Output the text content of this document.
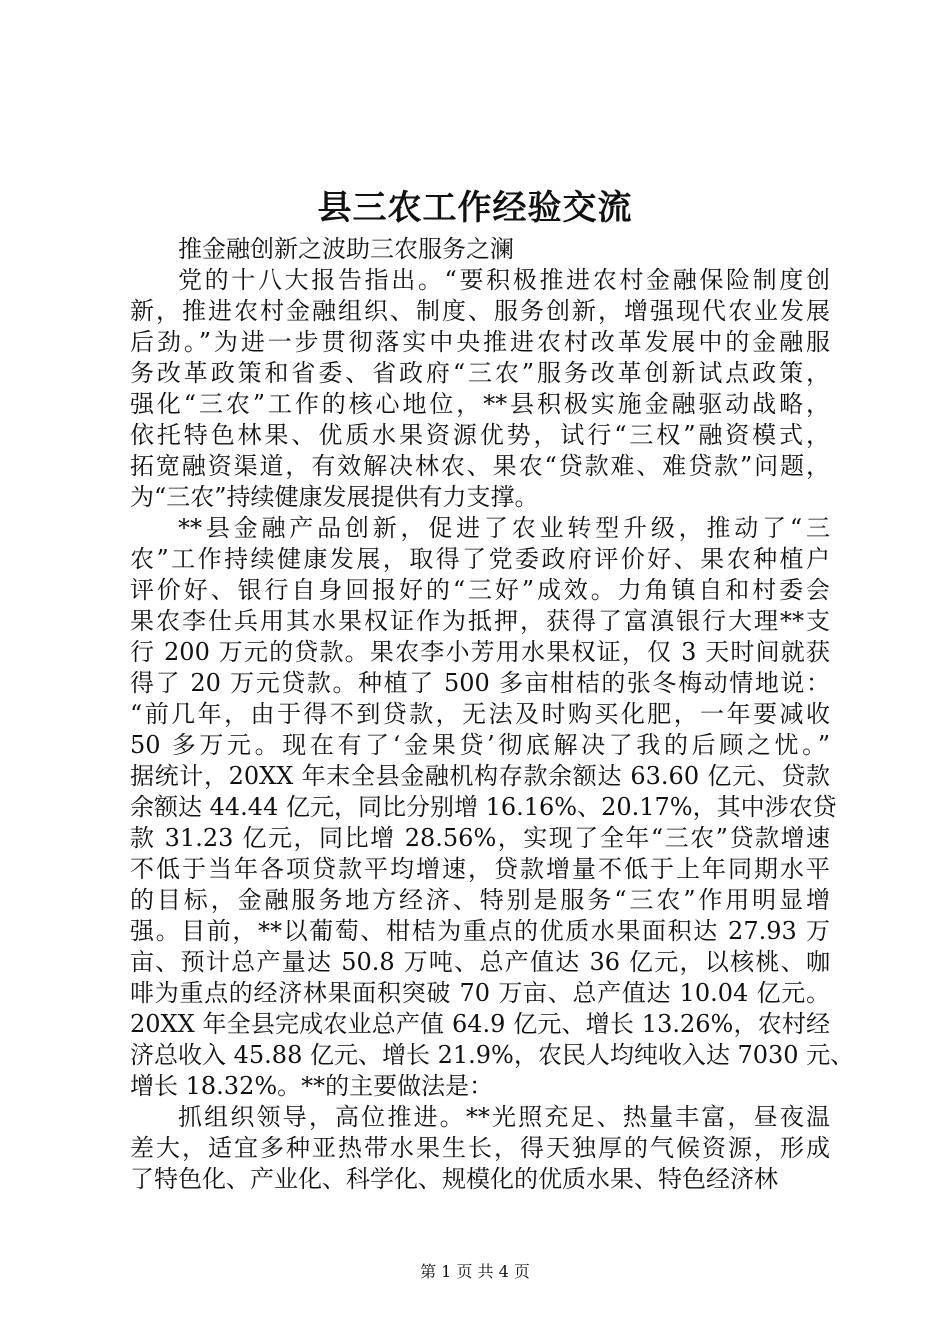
县三农工作经验交流
推金融创新之波助三农服务之澜
党的十八大报告指出。“要积极推进农村金融保险制度创
新，推进农村金融组织、制度、服务创新，增强现代农业发展
后劲。”为进一步贯彻落实中央推进农村改革发展中的金融服
务改革政策和省委、省政府“三农”服务改革创新试点政策，
强化“三农”工作的核心地位，**县积极实施金融驱动战略，
依托特色林果、优质水果资源优势，试行“三权”融资模式，
拓宽融资渠道，有效解决林农、果农“贷款难、难贷款”问题，
为“三农”持续健康发展提供有力支撑。
**县金融产品创新，促进了农业转型升级，推动了“三
农”工作持续健康发展，取得了党委政府评价好、果农种植户
评价好、银行自身回报好的“三好”成效。力角镇自和村委会
果农李仕兵用其水果权证作为抵押，获得了富滇银行大理**支
行 200 万元的贷款。果农李小芳用水果权证，仅 3 天时间就获
得了 20 万元贷款。种植了 500 多亩柑桔的张冬梅动情地说：
“前几年，由于得不到贷款，无法及时购买化肥，一年要减收
50 多万元。现在有了‘金果贷’彻底解决了我的后顾之忧。”
据统计，20XX 年末全县金融机构存款余额达 63.60 亿元、贷款
余额达 44.44 亿元，同比分别增 16.16%、20.17%，其中涉农贷
款 31.23 亿元，同比增 28.56%，实现了全年“三农”贷款增速
不低于当年各项贷款平均增速，贷款增量不低于上年同期水平
的目标，金融服务地方经济、特别是服务“三农”作用明显增
强。目前，**以葡萄、柑桔为重点的优质水果面积达 27.93 万
亩、预计总产量达 50.8 万吨、总产值达 36 亿元，以核桃、咖
啡为重点的经济林果面积突破 70 万亩、总产值达 10.04 亿元。
20XX 年全县完成农业总产值 64.9 亿元、增长 13.26%，农村经
济总收入 45.88 亿元、增长 21.9%，农民人均纯收入达 7030 元、
增长 18.32%。**的主要做法是：
抓组织领导，高位推进。**光照充足、热量丰富，昼夜温
差大，适宜多种亚热带水果生长，得天独厚的气候资源，形成
了特色化、产业化、科学化、规模化的优质水果、特色经济林
第 1 页 共 4 页
